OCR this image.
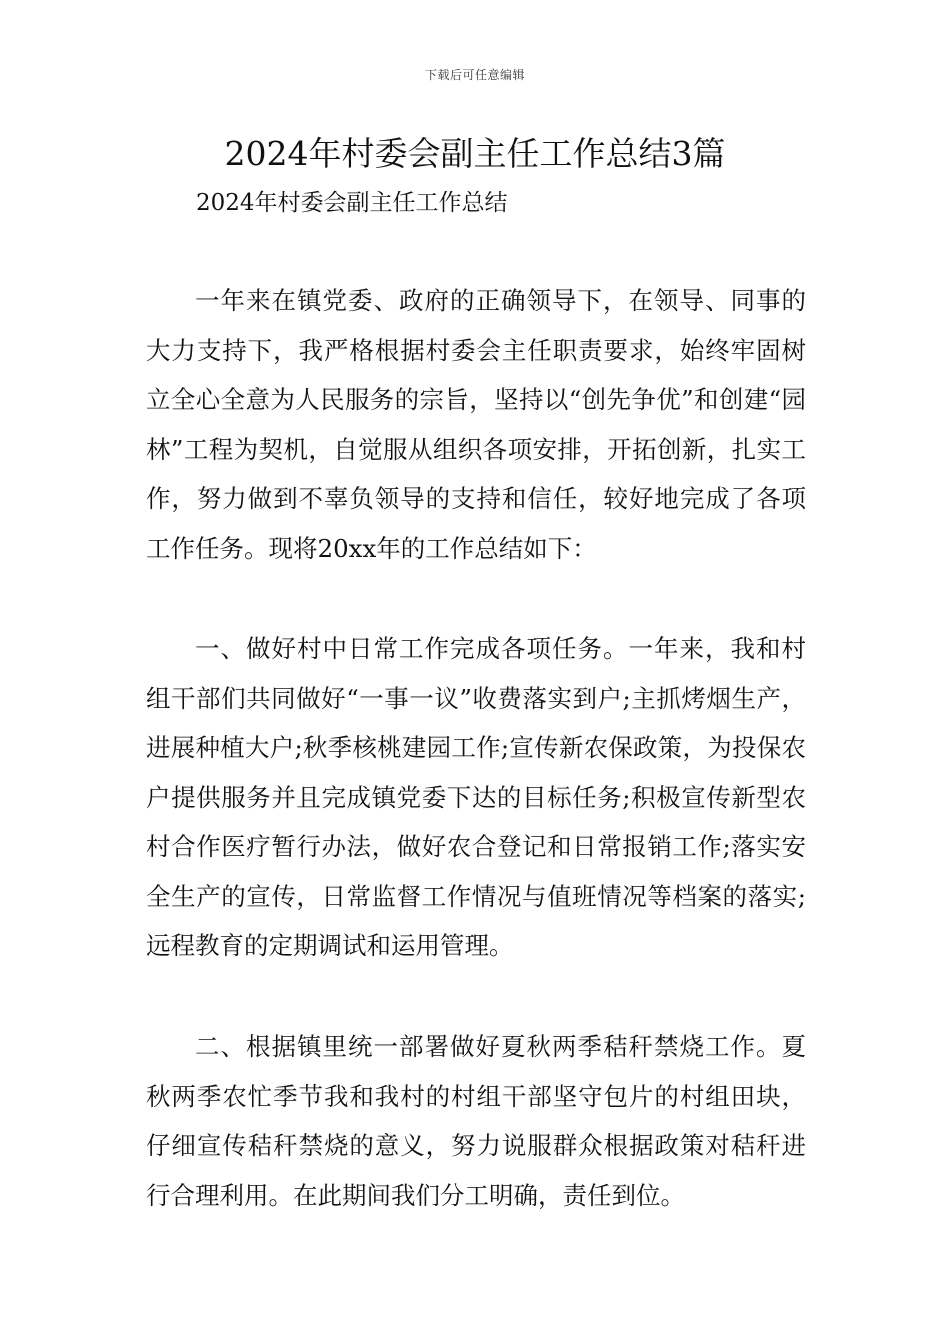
下载后可任意编辑
2024年村委会副主任工作总结3篇

2024年村委会副主任工作总结

一年来在镇党委、政府的正确领导下，在领导、同事的大力支持下，我严格根据村委会主任职责要求，始终牢固树立全心全意为人民服务的宗旨，坚持以“创先争优”和创建“园林”工程为契机，自觉服从组织各项安排，开拓创新，扎实工作，努力做到不辜负领导的支持和信任，较好地完成了各项工作任务。现将20xx年的工作总结如下：

一、做好村中日常工作完成各项任务。一年来，我和村组干部们共同做好“一事一议”收费落实到户;主抓烤烟生产，进展种植大户;秋季核桃建园工作;宣传新农保政策，为投保农户提供服务并且完成镇党委下达的目标任务;积极宣传新型农村合作医疗暂行办法，做好农合登记和日常报销工作;落实安全生产的宣传，日常监督工作情况与值班情况等档案的落实;远程教育的定期调试和运用管理。

二、根据镇里统一部署做好夏秋两季秸秆禁烧工作。夏秋两季农忙季节我和我村的村组干部坚守包片的村组田块，仔细宣传秸秆禁烧的意义，努力说服群众根据政策对秸秆进行合理利用。在此期间我们分工明确，责任到位。
